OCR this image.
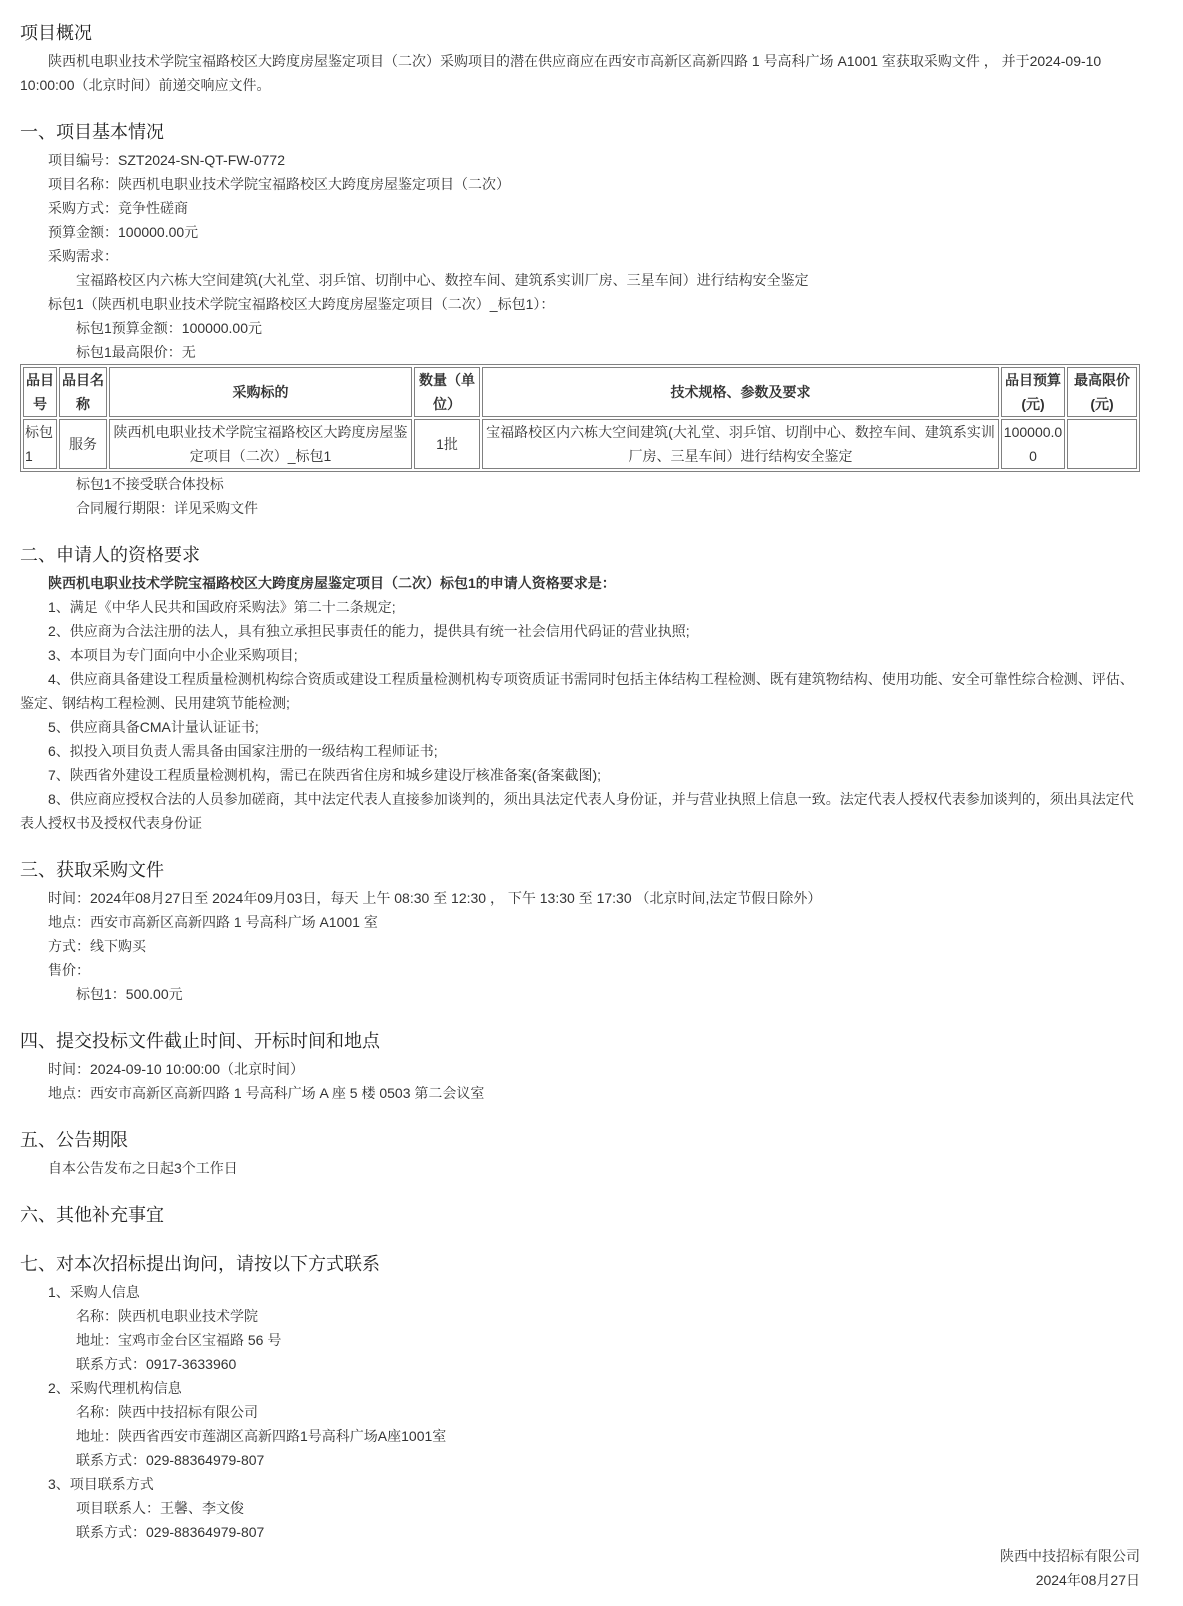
项目概况

陕西机电职业技术学院宝福路校区大跨度房屋鉴定项目（二次）采购项目的潜在供应商应在西安市高新区高新四路 1 号高科广场 A1001 室获取采购文件 ， 并于2024-09-10 10:00:00（北京时间）前递交响应文件。

一、项目基本情况

项目编号：SZT2024-SN-QT-FW-0772

项目名称：陕西机电职业技术学院宝福路校区大跨度房屋鉴定项目（二次）

采购方式：竞争性磋商

预算金额：100000.00元

采购需求：

宝福路校区内六栋大空间建筑(大礼堂、羽乒馆、切削中心、数控车间、建筑系实训厂房、三星车间）进行结构安全鉴定

标包1（陕西机电职业技术学院宝福路校区大跨度房屋鉴定项目（二次）_标包1）：

标包1预算金额：100000.00元

标包1最高限价：无

品目号	品目名称	采购标的	数量（单位）	技术规格、参数及要求	品目预算(元)	最高限价(元)
标包1	服务	陕西机电职业技术学院宝福路校区大跨度房屋鉴定项目（二次）_标包1	1批	宝福路校区内六栋大空间建筑(大礼堂、羽乒馆、切削中心、数控车间、建筑系实训厂房、三星车间）进行结构安全鉴定	100000.00	

标包1不接受联合体投标

合同履行期限：详见采购文件

二、申请人的资格要求

陕西机电职业技术学院宝福路校区大跨度房屋鉴定项目（二次）标包1的申请人资格要求是：

1、满足《中华人民共和国政府采购法》第二十二条规定;

2、供应商为合法注册的法人，具有独立承担民事责任的能力，提供具有统一社会信用代码证的营业执照;

3、本项目为专门面向中小企业采购项目;

4、供应商具备建设工程质量检测机构综合资质或建设工程质量检测机构专项资质证书需同时包括主体结构工程检测、既有建筑物结构、使用功能、安全可靠性综合检测、评估、鉴定、钢结构工程检测、民用建筑节能检测;

5、供应商具备CMA计量认证证书;

6、拟投入项目负责人需具备由国家注册的一级结构工程师证书;

7、陕西省外建设工程质量检测机构，需已在陕西省住房和城乡建设厅核准备案(备案截图);

8、供应商应授权合法的人员参加磋商，其中法定代表人直接参加谈判的，须出具法定代表人身份证，并与营业执照上信息一致。法定代表人授权代表参加谈判的，须出具法定代表人授权书及授权代表身份证

三、获取采购文件

时间：2024年08月27日至 2024年09月03日，每天 上午 08:30 至 12:30 ， 下午 13:30 至 17:30 （北京时间,法定节假日除外）

地点：西安市高新区高新四路 1 号高科广场 A1001 室

方式：线下购买

售价：

标包1：500.00元

四、提交投标文件截止时间、开标时间和地点

时间：2024-09-10 10:00:00（北京时间）

地点：西安市高新区高新四路 1 号高科广场 A 座 5 楼 0503 第二会议室

五、公告期限

自本公告发布之日起3个工作日

六、其他补充事宜
七、对本次招标提出询问，请按以下方式联系

1、采购人信息

名称：陕西机电职业技术学院

地址：宝鸡市金台区宝福路 56 号

联系方式：0917-3633960

2、采购代理机构信息

名称：陕西中技招标有限公司

地址：陕西省西安市莲湖区高新四路1号高科广场A座1001室

联系方式：029-88364979-807

3、项目联系方式

项目联系人：王馨、李文俊

联系方式：029-88364979-807

陕西中技招标有限公司

2024年08月27日
